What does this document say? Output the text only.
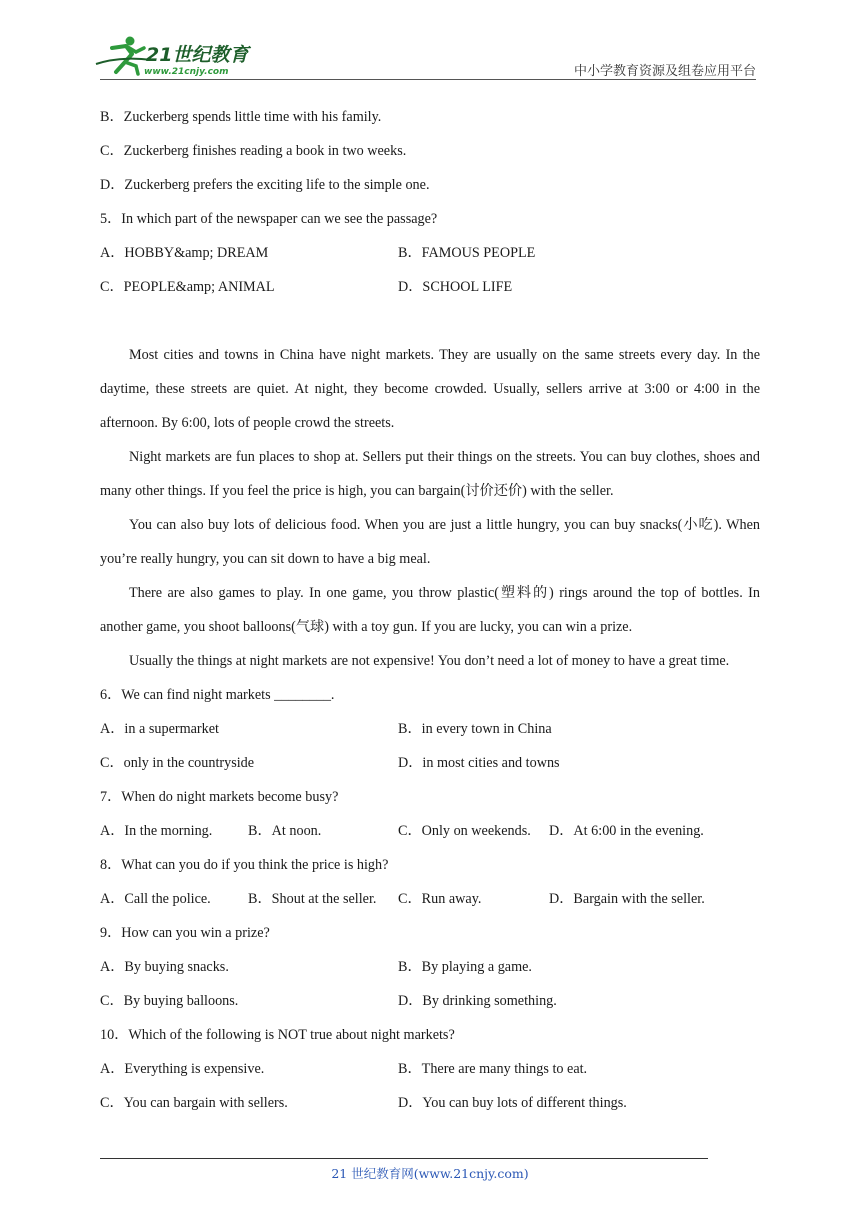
21世纪教育
www.21cnjy.com	中小学教育资源及组卷应用平台
B．Zuckerberg spends little time with his family.
C．Zuckerberg finishes reading a book in two weeks.
D．Zuckerberg prefers the exciting life to the simple one.
5．In which part of the newspaper can we see the passage?
A．HOBBY&amp; DREAM	B．FAMOUS PEOPLE
C．PEOPLE&amp; ANIMAL	D．SCHOOL LIFE
Most cities and towns in China have night markets. They are usually on the same streets every day. In the daytime, these streets are quiet. At night, they become crowded. Usually, sellers arrive at 3:00 or 4:00 in the afternoon. By 6:00, lots of people crowd the streets.
Night markets are fun places to shop at. Sellers put their things on the streets. You can buy clothes, shoes and many other things. If you feel the price is high, you can bargain(讨价还价) with the seller.
You can also buy lots of delicious food. When you are just a little hungry, you can buy snacks(小吃). When you’re really hungry, you can sit down to have a big meal.
There are also games to play. In one game, you throw plastic(塑料的) rings around the top of bottles. In another game, you shoot balloons(气球) with a toy gun. If you are lucky, you can win a prize.
Usually the things at night markets are not expensive! You don’t need a lot of money to have a great time.
6．We can find night markets ________.
A．in a supermarket	B．in every town in China
C．only in the countryside	D．in most cities and towns
7．When do night markets become busy?
A．In the morning.	B．At noon.	C．Only on weekends. D．At 6:00 in the evening.
8．What can you do if you think the price is high?
A．Call the police.	B．Shout at the seller. C．Run away.	D．Bargain with the seller.
9．How can you win a prize?
A．By buying snacks.	B．By playing a game.
C．By buying balloons.	D．By drinking something.
10．Which of the following is NOT true about night markets?
A．Everything is expensive.	B．There are many things to eat.
C．You can bargain with sellers.	D．You can buy lots of different things.
21 世纪教育网(www.21cnjy.com)
